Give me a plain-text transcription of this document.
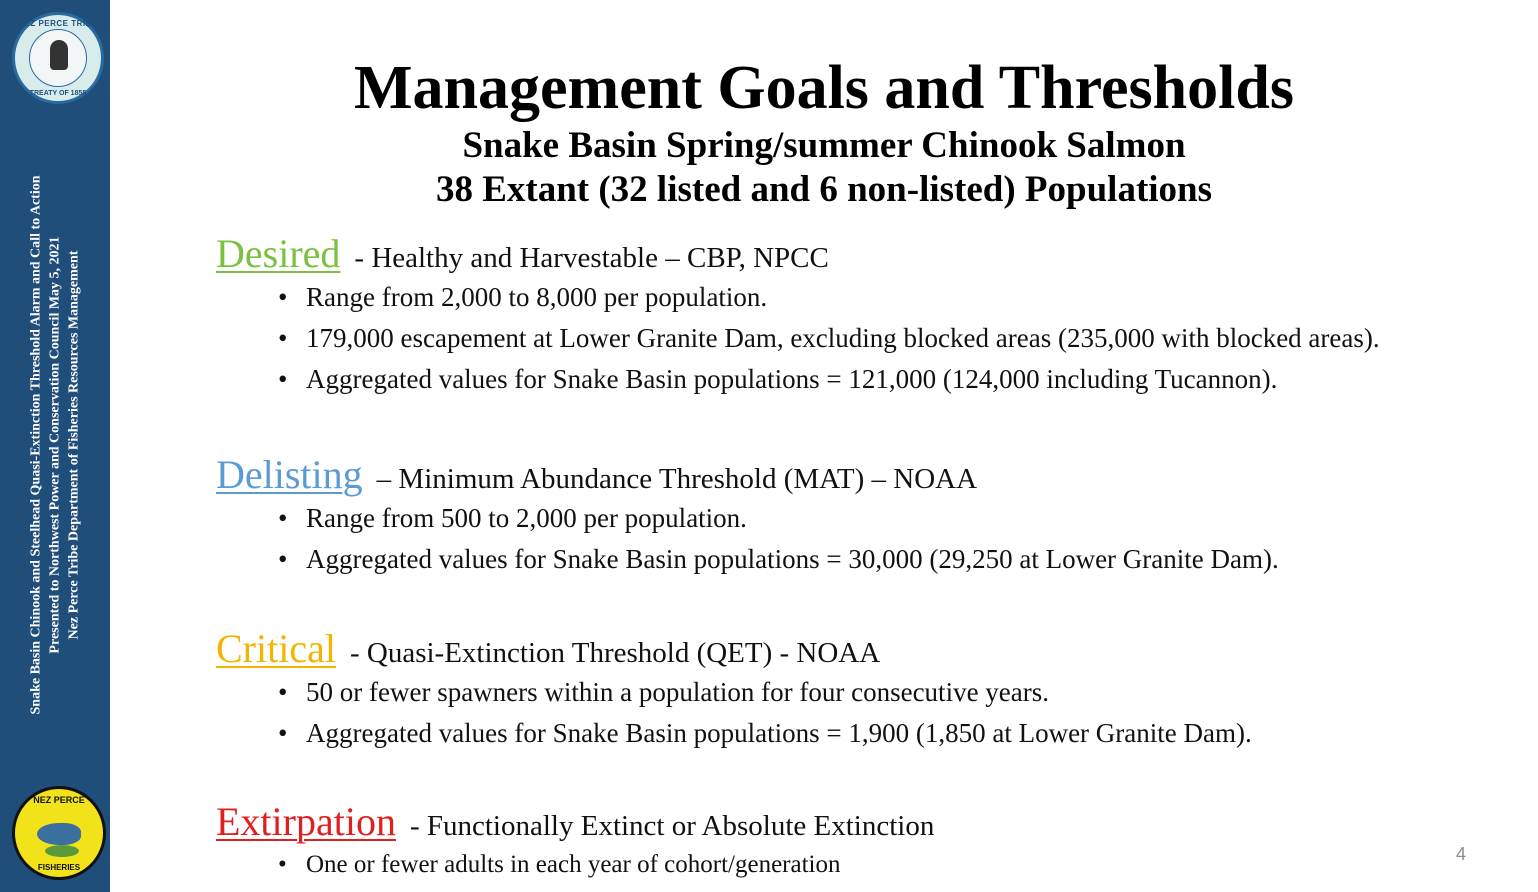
NEZ PERCE TRIBE
TREATY OF 1855
Snake Basin Chinook and Steelhead Quasi-Extinction Threshold Alarm and Call to Action Presented to Northwest Power and Conservation Council May 5, 2021 Nez Perce Tribe Department of Fisheries Resources Management
NEZ PERCE
FISHERIES
Management Goals and Thresholds
Snake Basin Spring/summer Chinook Salmon
38 Extant (32 listed and 6 non-listed) Populations
Desired - Healthy and Harvestable – CBP, NPCC
• Range from 2,000 to 8,000 per population.
• 179,000 escapement at Lower Granite Dam, excluding blocked areas (235,000 with blocked areas).
• Aggregated values for Snake Basin populations = 121,000 (124,000 including Tucannon).
Delisting – Minimum Abundance Threshold (MAT) – NOAA
• Range from 500 to 2,000 per population.
• Aggregated values for Snake Basin populations = 30,000 (29,250 at Lower Granite Dam).
Critical - Quasi-Extinction Threshold (QET) - NOAA
• 50 or fewer spawners within a population for four consecutive years.
• Aggregated values for Snake Basin populations = 1,900 (1,850 at Lower Granite Dam).
Extirpation - Functionally Extinct or Absolute Extinction
• One or fewer adults in each year of cohort/generation	4
